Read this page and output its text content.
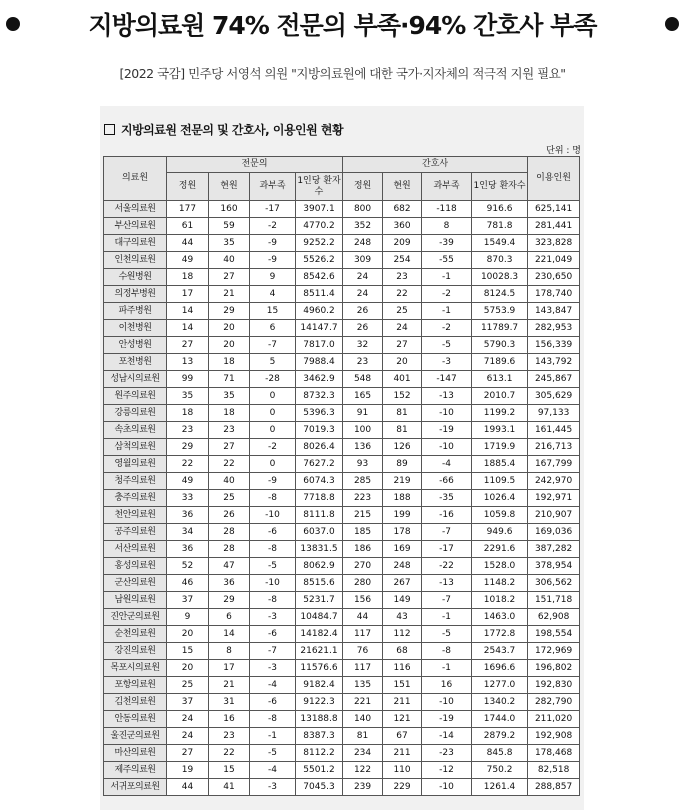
지방의료원 74% 전문의 부족·94% 간호사 부족
[2022 국감] 민주당 서영석 의원 "지방의료원에 대한 국가·지자체의 적극적 지원 필요"
지방의료원 전문의 및 간호사, 이용인원 현황
단위 : 명
의료원	전문의				간호사				이용인원
	정원	현원	과부족	1인당 환자수	정원	현원	과부족	1인당 환자수	
서울의료원	177	160	-17	3907.1	800	682	-118	916.6	625,141
부산의료원	61	59	-2	4770.2	352	360	8	781.8	281,441
대구의료원	44	35	-9	9252.2	248	209	-39	1549.4	323,828
인천의료원	49	40	-9	5526.2	309	254	-55	870.3	221,049
수원병원	18	27	9	8542.6	24	23	-1	10028.3	230,650
의정부병원	17	21	4	8511.4	24	22	-2	8124.5	178,740
파주병원	14	29	15	4960.2	26	25	-1	5753.9	143,847
이천병원	14	20	6	14147.7	26	24	-2	11789.7	282,953
안성병원	27	20	-7	7817.0	32	27	-5	5790.3	156,339
포천병원	13	18	5	7988.4	23	20	-3	7189.6	143,792
성남시의료원	99	71	-28	3462.9	548	401	-147	613.1	245,867
원주의료원	35	35	0	8732.3	165	152	-13	2010.7	305,629
강릉의료원	18	18	0	5396.3	91	81	-10	1199.2	97,133
속초의료원	23	23	0	7019.3	100	81	-19	1993.1	161,445
삼척의료원	29	27	-2	8026.4	136	126	-10	1719.9	216,713
영월의료원	22	22	0	7627.2	93	89	-4	1885.4	167,799
청주의료원	49	40	-9	6074.3	285	219	-66	1109.5	242,970
충주의료원	33	25	-8	7718.8	223	188	-35	1026.4	192,971
천안의료원	36	26	-10	8111.8	215	199	-16	1059.8	210,907
공주의료원	34	28	-6	6037.0	185	178	-7	949.6	169,036
서산의료원	36	28	-8	13831.5	186	169	-17	2291.6	387,282
홍성의료원	52	47	-5	8062.9	270	248	-22	1528.0	378,954
군산의료원	46	36	-10	8515.6	280	267	-13	1148.2	306,562
남원의료원	37	29	-8	5231.7	156	149	-7	1018.2	151,718
진안군의료원	9	6	-3	10484.7	44	43	-1	1463.0	62,908
순천의료원	20	14	-6	14182.4	117	112	-5	1772.8	198,554
강진의료원	15	8	-7	21621.1	76	68	-8	2543.7	172,969
목포시의료원	20	17	-3	11576.6	117	116	-1	1696.6	196,802
포항의료원	25	21	-4	9182.4	135	151	16	1277.0	192,830
김천의료원	37	31	-6	9122.3	221	211	-10	1340.2	282,790
안동의료원	24	16	-8	13188.8	140	121	-19	1744.0	211,020
울진군의료원	24	23	-1	8387.3	81	67	-14	2879.2	192,908
마산의료원	27	22	-5	8112.2	234	211	-23	845.8	178,468
제주의료원	19	15	-4	5501.2	122	110	-12	750.2	82,518
서귀포의료원	44	41	-3	7045.3	239	229	-10	1261.4	288,857
